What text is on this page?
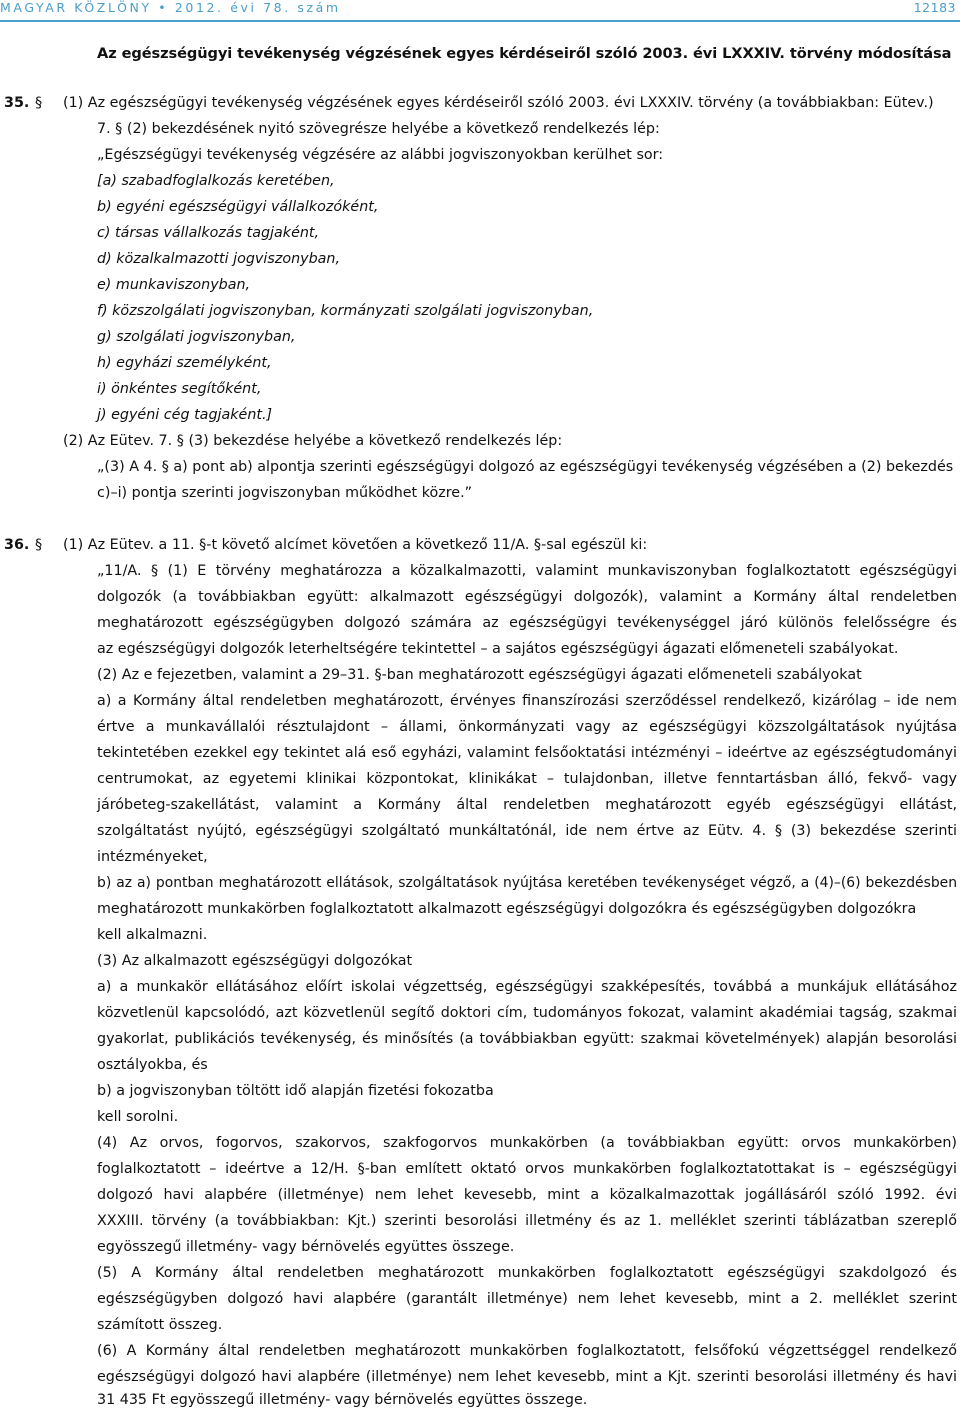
MAGYAR KÖZLÖNY • 2012. évi 78. szám	12183
Az egészségügyi tevékenység végzésének egyes kérdéseiről szóló 2003. évi LXXXIV. törvény módosítása
35. § (1) Az egészségügyi tevékenység végzésének egyes kérdéseiről szóló 2003. évi LXXXIV. törvény (a továbbiakban: Eütev.)
7. § (2) bekezdésének nyitó szövegrésze helyébe a következő rendelkezés lép:
„Egészségügyi tevékenység végzésére az alábbi jogviszonyokban kerülhet sor:
[a) szabadfoglalkozás keretében,
b) egyéni egészségügyi vállalkozóként,
c) társas vállalkozás tagjaként,
d) közalkalmazotti jogviszonyban,
e) munkaviszonyban,
f) közszolgálati jogviszonyban, kormányzati szolgálati jogviszonyban,
g) szolgálati jogviszonyban,
h) egyházi személyként,
i) önkéntes segítőként,
j) egyéni cég tagjaként.]
(2) Az Eütev. 7. § (3) bekezdése helyébe a következő rendelkezés lép:
„(3) A 4. § a) pont ab) alpontja szerinti egészségügyi dolgozó az egészségügyi tevékenység végzésében a (2) bekezdés
c)–i) pontja szerinti jogviszonyban működhet közre.”
36. § (1) Az Eütev. a 11. §-t követő alcímet követően a következő 11/A. §-sal egészül ki:
„11/A. § (1) E törvény meghatározza a közalkalmazotti, valamint munkaviszonyban foglalkoztatott egészségügyi
dolgozók (a továbbiakban együtt: alkalmazott egészségügyi dolgozók), valamint a Kormány által rendeletben
meghatározott egészségügyben dolgozó számára az egészségügyi tevékenységgel járó különös felelősségre és
az egészségügyi dolgozók leterheltségére tekintettel – a sajátos egészségügyi ágazati előmeneteli szabályokat.
(2) Az e fejezetben, valamint a 29–31. §-ban meghatározott egészségügyi ágazati előmeneteli szabályokat
a) a Kormány által rendeletben meghatározott, érvényes finanszírozási szerződéssel rendelkező, kizárólag – ide nem
értve a munkavállalói résztulajdont – állami, önkormányzati vagy az egészségügyi közszolgáltatások nyújtása
tekintetében ezekkel egy tekintet alá eső egyházi, valamint felsőoktatási intézményi – ideértve az egészségtudományi
centrumokat, az egyetemi klinikai központokat, klinikákat – tulajdonban, illetve fenntartásban álló, fekvő- vagy
járóbeteg-szakellátást, valamint a Kormány által rendeletben meghatározott egyéb egészségügyi ellátást,
szolgáltatást nyújtó, egészségügyi szolgáltató munkáltatónál, ide nem értve az Eütv. 4. § (3) bekezdése szerinti
intézményeket,
b) az a) pontban meghatározott ellátások, szolgáltatások nyújtása keretében tevékenységet végző, a (4)–(6) bekezdésben
meghatározott munkakörben foglalkoztatott alkalmazott egészségügyi dolgozókra és egészségügyben dolgozókra
kell alkalmazni.
(3) Az alkalmazott egészségügyi dolgozókat
a) a munkakör ellátásához előírt iskolai végzettség, egészségügyi szakképesítés, továbbá a munkájuk ellátásához
közvetlenül kapcsolódó, azt közvetlenül segítő doktori cím, tudományos fokozat, valamint akadémiai tagság, szakmai
gyakorlat, publikációs tevékenység, és minősítés (a továbbiakban együtt: szakmai követelmények) alapján besorolási
osztályokba, és
b) a jogviszonyban töltött idő alapján fizetési fokozatba
kell sorolni.
(4) Az orvos, fogorvos, szakorvos, szakfogorvos munkakörben (a továbbiakban együtt: orvos munkakörben)
foglalkoztatott – ideértve a 12/H. §-ban említett oktató orvos munkakörben foglalkoztatottakat is – egészségügyi
dolgozó havi alapbére (illetménye) nem lehet kevesebb, mint a közalkalmazottak jogállásáról szóló 1992. évi
XXXIII. törvény (a továbbiakban: Kjt.) szerinti besorolási illetmény és az 1. melléklet szerinti táblázatban szereplő
egyösszegű illetmény- vagy bérnövelés együttes összege.
(5) A Kormány által rendeletben meghatározott munkakörben foglalkoztatott egészségügyi szakdolgozó és
egészségügyben dolgozó havi alapbére (garantált illetménye) nem lehet kevesebb, mint a 2. melléklet szerint
számított összeg.
(6) A Kormány által rendeletben meghatározott munkakörben foglalkoztatott, felsőfokú végzettséggel rendelkező
egészségügyi dolgozó havi alapbére (illetménye) nem lehet kevesebb, mint a Kjt. szerinti besorolási illetmény és havi
31 435 Ft egyösszegű illetmény- vagy bérnövelés együttes összege.
